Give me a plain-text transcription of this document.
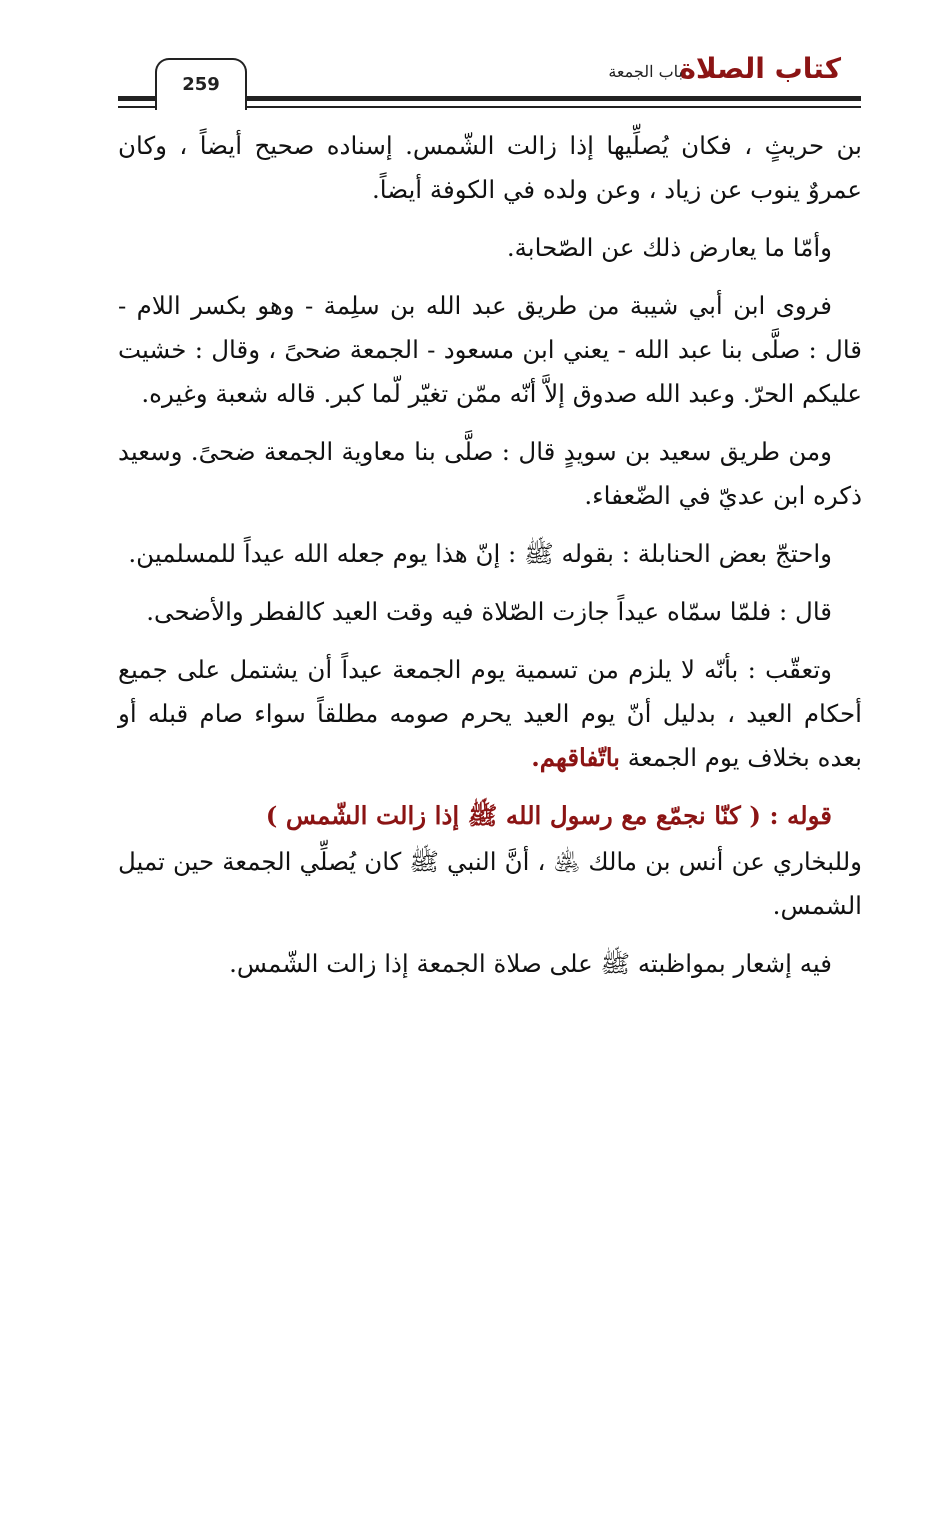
كتاب الصلاة
باب الجمعة
259

بن حريثٍ ، فكان يُصلِّيها إذا زالت الشّمس. إسناده صحيح أيضاً ، وكان عمروٌ ينوب عن زياد ، وعن ولده في الكوفة أيضاً.

وأمّا ما يعارض ذلك عن الصّحابة.

فروى ابن أبي شيبة من طريق عبد الله بن سلِمة - وهو بكسر اللام - قال : صلَّى بنا عبد الله - يعني ابن مسعود - الجمعة ضحىً ، وقال : خشيت عليكم الحرّ. وعبد الله صدوق إلاَّ أنّه ممّن تغيّر لّما كبر. قاله شعبة وغيره.

ومن طريق سعيد بن سويدٍ قال : صلَّى بنا معاوية الجمعة ضحىً. وسعيد ذكره ابن عديّ في الضّعفاء.

واحتجّ بعض الحنابلة : بقوله ﷺ : إنّ هذا يوم جعله الله عيداً للمسلمين.

قال : فلمّا سمّاه عيداً جازت الصّلاة فيه وقت العيد كالفطر والأضحى.

وتعقّب : بأنّه لا يلزم من تسمية يوم الجمعة عيداً أن يشتمل على جميع أحكام العيد ، بدليل أنّ يوم العيد يحرم صومه مطلقاً سواء صام قبله أو بعده بخلاف يوم الجمعة باتّفاقهم.

قوله : ( كنّا نجمّع مع رسول الله ﷺ إذا زالت الشّمس )

وللبخاري عن أنس بن مالك ﵁ ، أنَّ النبي ﷺ كان يُصلِّي الجمعة حين تميل الشمس.

فيه إشعار بمواظبته ﷺ على صلاة الجمعة إذا زالت الشّمس.
